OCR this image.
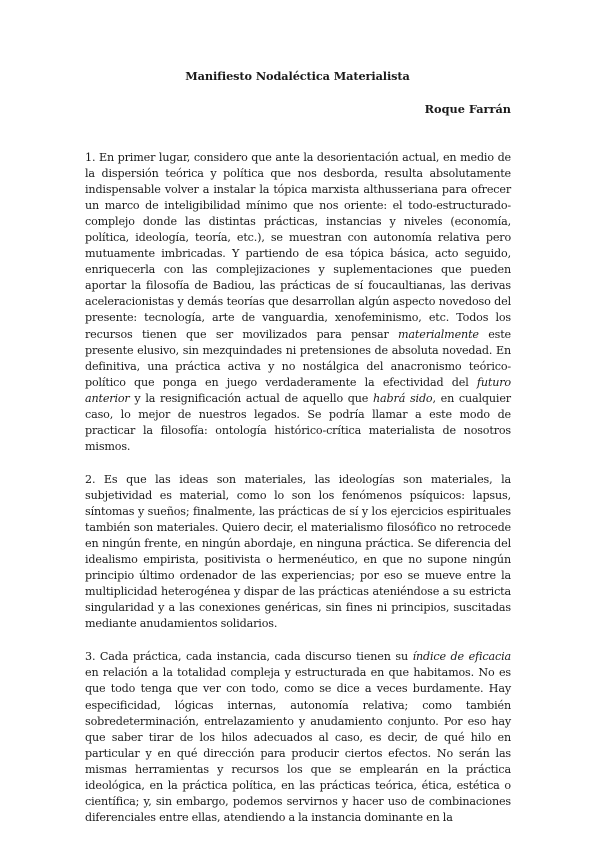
Manifiesto Nodaléctica Materialista

Roque Farrán

1. En primer lugar, considero que ante la desorientación actual, en medio de la dispersión teórica y política que nos desborda, resulta absolutamente indispensable volver a instalar la tópica marxista althusseriana para ofrecer un marco de inteligibilidad mínimo que nos oriente: el todo-estructurado-complejo donde las distintas prácticas, instancias y niveles (economía, política, ideología, teoría, etc.), se muestran con autonomía relativa pero mutuamente imbricadas. Y partiendo de esa tópica básica, acto seguido, enriquecerla con las complejizaciones y suplementaciones que pueden aportar la filosofía de Badiou, las prácticas de sí foucaultianas, las derivas aceleracionistas y demás teorías que desarrollan algún aspecto novedoso del presente: tecnología, arte de vanguardia, xenofeminismo, etc. Todos los recursos tienen que ser movilizados para pensar materialmente este presente elusivo, sin mezquindades ni pretensiones de absoluta novedad. En definitiva, una práctica activa y no nostálgica del anacronismo teórico-político que ponga en juego verdaderamente la efectividad del futuro anterior y la resignificación actual de aquello que habrá sido, en cualquier caso, lo mejor de nuestros legados. Se podría llamar a este modo de practicar la filosofía: ontología histórico-crítica materialista de nosotros mismos.

2. Es que las ideas son materiales, las ideologías son materiales, la subjetividad es material, como lo son los fenómenos psíquicos: lapsus, síntomas y sueños; finalmente, las prácticas de sí y los ejercicios espirituales también son materiales. Quiero decir, el materialismo filosófico no retrocede en ningún frente, en ningún abordaje, en ninguna práctica. Se diferencia del idealismo empirista, positivista o hermenéutico, en que no supone ningún principio último ordenador de las experiencias; por eso se mueve entre la multiplicidad heterogénea y dispar de las prácticas ateniéndose a su estricta singularidad y a las conexiones genéricas, sin fines ni principios, suscitadas mediante anudamientos solidarios.

3. Cada práctica, cada instancia, cada discurso tienen su índice de eficacia en relación a la totalidad compleja y estructurada en que habitamos. No es que todo tenga que ver con todo, como se dice a veces burdamente. Hay especificidad, lógicas internas, autonomía relativa; como también sobredeterminación, entrelazamiento y anudamiento conjunto. Por eso hay que saber tirar de los hilos adecuados al caso, es decir, de qué hilo en particular y en qué dirección para producir ciertos efectos. No serán las mismas herramientas y recursos los que se emplearán en la práctica ideológica, en la práctica política, en las prácticas teórica, ética, estética o científica; y, sin embargo, podemos servirnos y hacer uso de combinaciones diferenciales entre ellas, atendiendo a la instancia dominante en la
